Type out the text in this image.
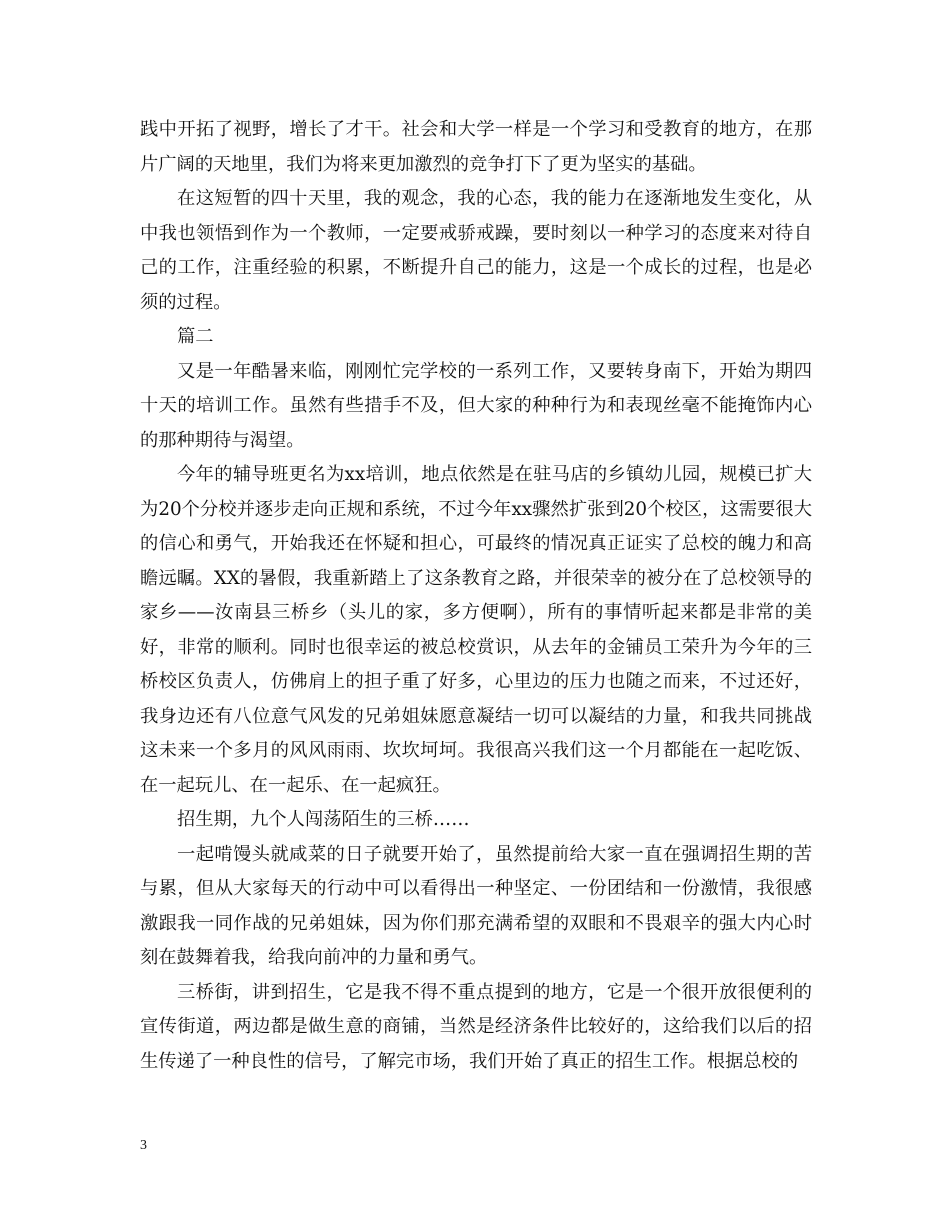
践中开拓了视野，增长了才干。社会和大学一样是一个学习和受教育的地方，在那片广阔的天地里，我们为将来更加激烈的竞争打下了更为坚实的基础。

在这短暂的四十天里，我的观念，我的心态，我的能力在逐渐地发生变化，从中我也领悟到作为一个教师，一定要戒骄戒躁，要时刻以一种学习的态度来对待自己的工作，注重经验的积累，不断提升自己的能力，这是一个成长的过程，也是必须的过程。

篇二

又是一年酷暑来临，刚刚忙完学校的一系列工作，又要转身南下，开始为期四十天的培训工作。虽然有些措手不及，但大家的种种行为和表现丝毫不能掩饰内心的那种期待与渴望。

今年的辅导班更名为xx培训，地点依然是在驻马店的乡镇幼儿园，规模已扩大为20个分校并逐步走向正规和系统，不过今年xx骤然扩张到20个校区，这需要很大的信心和勇气，开始我还在怀疑和担心，可最终的情况真正证实了总校的魄力和高瞻远瞩。XX的暑假，我重新踏上了这条教育之路，并很荣幸的被分在了总校领导的家乡——汝南县三桥乡（头儿的家，多方便啊），所有的事情听起来都是非常的美好，非常的顺利。同时也很幸运的被总校赏识，从去年的金铺员工荣升为今年的三桥校区负责人，仿佛肩上的担子重了好多，心里边的压力也随之而来，不过还好，我身边还有八位意气风发的兄弟姐妹愿意凝结一切可以凝结的力量，和我共同挑战这未来一个多月的风风雨雨、坎坎坷坷。我很高兴我们这一个月都能在一起吃饭、在一起玩儿、在一起乐、在一起疯狂。

招生期，九个人闯荡陌生的三桥……

一起啃馒头就咸菜的日子就要开始了，虽然提前给大家一直在强调招生期的苦与累，但从大家每天的行动中可以看得出一种坚定、一份团结和一份激情，我很感激跟我一同作战的兄弟姐妹，因为你们那充满希望的双眼和不畏艰辛的强大内心时刻在鼓舞着我，给我向前冲的力量和勇气。

三桥街，讲到招生，它是我不得不重点提到的地方，它是一个很开放很便利的宣传街道，两边都是做生意的商铺，当然是经济条件比较好的，这给我们以后的招生传递了一种良性的信号，了解完市场，我们开始了真正的招生工作。根据总校的

3
